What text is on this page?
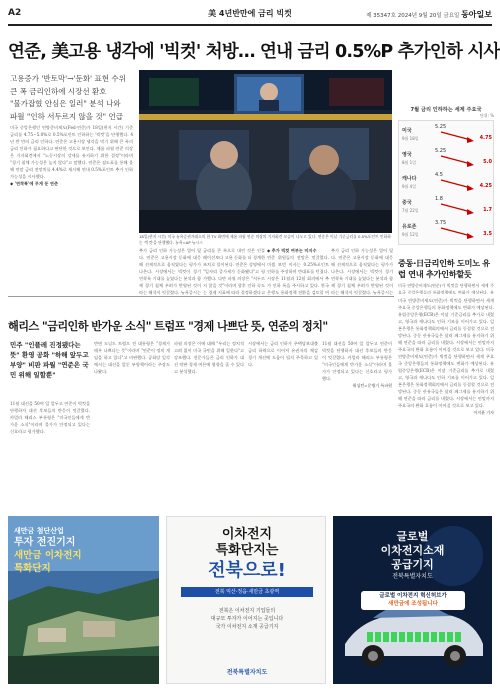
A2	美 4년반만에 금리 빅컷	제 35347호 2024년 9월 20일 금요일 동아일보
연준, 美고용 냉각에 '빅컷' 처방… 연내 금리 0.5%P 추가인하 시사
고용증가 '반토막'→'둔화' 표현 수위
큰 폭 금리인하에 시장선 환호
"물가잡혔 안심은 일러" 분석 나와
파월 "인하 서두르지 않을 것" 언급
미국 중앙은행인 연방준비제도(Fed·연준)가 18일(현지 시간) 기준금리를 4.75∼5.0%로 0.5%포인트 인하하는 '빅컷'을 단행했다. 4년 반 만의 금리 인하다. 연준은 고용시장 냉각을 막기 위해 큰 폭의 금리 인하가 필요하다고 판단한 것으로 보인다. 제롬 파월 연준 의장은 기자회견에서 "노동시장의 강세를 유지하기 위한 결정"이라며 "경기 침체 가능성은 높지 않다"고 말했다. 연준은 점도표를 통해 올해 연말 금리 전망치를 4.4%로 제시해 연내 0.5%포인트 추가 인하 가능성을 시사했다.
◆ '연착륙'에 무게 둔 연준
18일(현지 시간) 미국 뉴욕증권거래소의 한 TV 화면에 제롬 파월 연준 의장의 기자회견 모습이 나오고 있다. 연준은 이날 기준금리를 0.5%포인트 인하하는 '빅컷'을 단행했다. 뉴욕=AP 뉴시스
추가 금리 인하 가능성은 열어 뒀다. 연준은 고용시장 둔화에 대응해 선제적으로 움직였다는 평가가 나온다. 시장에서는 빅컷이 경기 연착륙 기대를 높였다는 분석과 함께 경기 침체 우려가 반영된 것이라는 해석이 엇갈렸다. 뉴욕증시는
금리를 큰 폭으로 내린 것은 인플레이션보다 고용 둔화를 더 경계한 조치로 풀이된다. 연준은 성명에서 "일자리 증가세가 둔화됐다"고 평가했다. 다만 파월 의장은 "서두르지 않을 것"이라며 향후 인하 속도는 경제 지표에 따라 결정하겠다고
◆ 추가 빅컷 여부는 미지수
연준 위원들의 전망은 엇갈렸다. 미셸 보먼 이사는 0.25%포인트 인하를 주장하며 반대표를 던졌다. 시장은 11월과 12월 회의에서 추가 인하 폭을 주시하고 있다. 한국은행도 통화정책 전환을 검토할 여
추가 금리 인하 가능성은 열어 뒀다. 연준은 고용시장 둔화에 대응해 선제적으로 움직였다는 평가가 나온다. 시장에서는 빅컷이 경기 연착륙 기대를 높였다는 분석과 함께 경기 침체 우려가 반영된 것이라는 해석이 엇갈렸다. 뉴욕증시는
7월 금리 인하하는 세계 주요국
단위: %
미국
9월 18일
5.25
4.75
영국
8월 1일
5.25
5.0
캐나다
9월 4일
4.5
4.25
중국
7월 22일
1.8
1.7
유로존
9월 12일
3.75
3.5
중동·日금리인하 도미노 유럽 연내 추가인하할듯
미국 연방준비제도(연준)가 빅컷을 단행하면서 세계 주요국 중앙은행들의 통화정책에도 변화가 예상된다. 유
미국 연방준비제도(연준)가 빅컷을 단행하면서 세계 주요국 중앙은행들의 통화정책에도 변화가 예상된다. 유럽중앙은행(ECB)은 이달 기준금리를 추가로 내렸고, 영국과 캐나다도 인하 기조를 이어가고 있다. 일본은행은 통화정책회의에서 금리를 동결할 것으로 전망된다. 중동 산유국들은 달러 페그제를 유지하기 위해 연준을 따라 금리를 내렸다. 시장에서는 연말까지 주요국의 완화 흐름이 이어질 것으로 보고 있다. 미국 연방준비제도(연준)가 빅컷을 단행하면서 세계 주요국 중앙은행들의 통화정책에도 변화가 예상된다. 유럽중앙은행(ECB)은 이달 기준금리를 추가로 내렸고, 영국과 캐나다도 인하 기조를 이어가고 있다. 일본은행은 통화정책회의에서 금리를 동결할 것으로 전망된다. 중동 산유국들은 달러 페그제를 유지하기 위해 연준을 따라 금리를 내렸다. 시장에서는 연말까지 주요국의 완화 흐름이 이어질 것으로 보고 있다.
이지윤 기자
해리스 "금리인하 반가운 소식" 트럼프 "경제 나쁘단 뜻, 연준의 정치"
민주 "인플레 진정됐다는 뜻" 환영 공화 "하해 앞두고 부양" 비판 파월 "연준은 국민 위해 일할뿐"
11월 대선을 50여 일 앞두고 연준이 빅컷을 단행하자 대선 후보들의 반응이 엇갈렸다. 카멀라 해리스 부통령은 "미국인들에게 반가운 소식"이라며 물가가 안정되고 있다는 신호라고 평가했다.
반면 도널드 트럼프 전 대통령은 "경제가 매우 나쁘다는 뜻"이라며 "연준이 정치 게임을 하고 있다"고 비판했다. 공화당 일각에서는 대선을 앞둔 부양책이라는 주장도 나왔다.
파월 의장은 이에 대해 "우리는 정치적 고려 없이 미국 국민을 위해 일한다"고 강조했다. 전문가들은 금리 인하가 대선 막판 경제 여론에 영향을 줄 수 있다고 분석했다.
시장에서는 금리 인하가 주택담보대출 금리 하락으로 이어져 유권자의 체감 경기 개선에 도움이 될지 주목하고 있다.
11월 대선을 50여 일 앞두고 연준이 빅컷을 단행하자 대선 후보들의 반응이 엇갈렸다. 카멀라 해리스 부통령은 "미국인들에게 반가운 소식"이라며 물가가 안정되고 있다는 신호라고 평가했다.
워싱턴=문병기 특파원
새만금 첨단산업
투자 전진기지
새만금 이차전지
특화단지
이차전지
특화단지는
전북으로!
전북 익산·정읍·새만금 초광역
전북은 이차전지 기업들의
대규모 투자가 이어지는 곳입니다
국가 이차전지 소재 공급기지
전북특별자치도
글로벌
이차전지소재
공급기지
전북특별자치도
글로벌 이차전지 혁신허브가
새만금에 조성됩니다
